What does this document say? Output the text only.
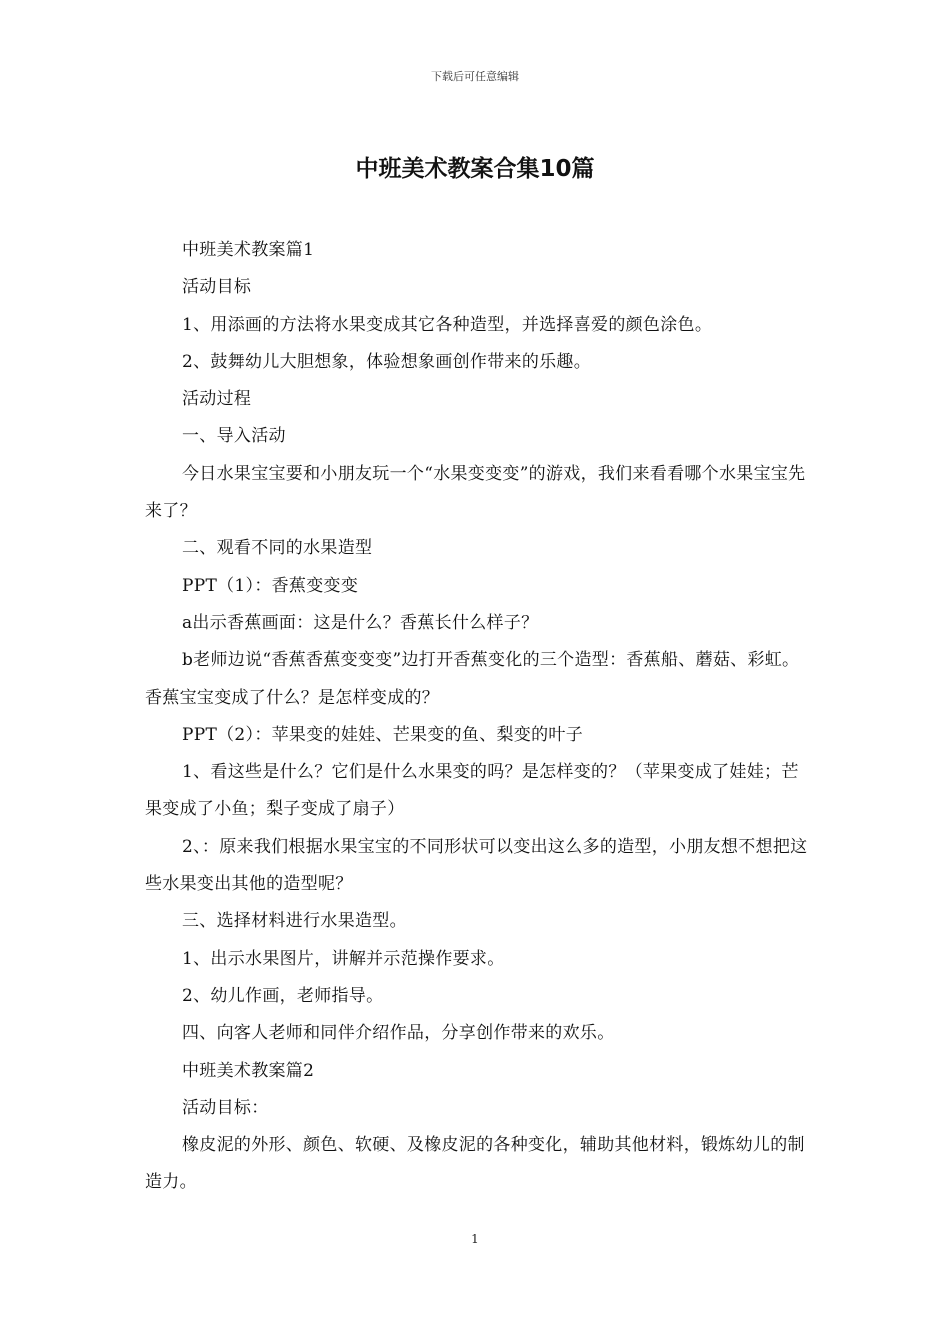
下载后可任意编辑
中班美术教案合集10篇

中班美术教案篇1

活动目标

1、用添画的方法将水果变成其它各种造型，并选择喜爱的颜色涂色。

2、鼓舞幼儿大胆想象，体验想象画创作带来的乐趣。

活动过程

一、导入活动

今日水果宝宝要和小朋友玩一个“水果变变变”的游戏，我们来看看哪个水果宝宝先来了？

二、观看不同的水果造型

PPT（1）：香蕉变变变

a出示香蕉画面：这是什么？香蕉长什么样子？

b老师边说“香蕉香蕉变变变”边打开香蕉变化的三个造型：香蕉船、蘑菇、彩虹。香蕉宝宝变成了什么？是怎样变成的？

PPT（2）：苹果变的娃娃、芒果变的鱼、梨变的叶子

1、看这些是什么？它们是什么水果变的吗？是怎样变的？（苹果变成了娃娃；芒果变成了小鱼；梨子变成了扇子）

2、：原来我们根据水果宝宝的不同形状可以变出这么多的造型，小朋友想不想把这些水果变出其他的造型呢？

三、选择材料进行水果造型。

1、出示水果图片，讲解并示范操作要求。

2、幼儿作画，老师指导。

四、向客人老师和同伴介绍作品，分享创作带来的欢乐。

中班美术教案篇2

活动目标：

橡皮泥的外形、颜色、软硬、及橡皮泥的各种变化，辅助其他材料，锻炼幼儿的制造力。

1
